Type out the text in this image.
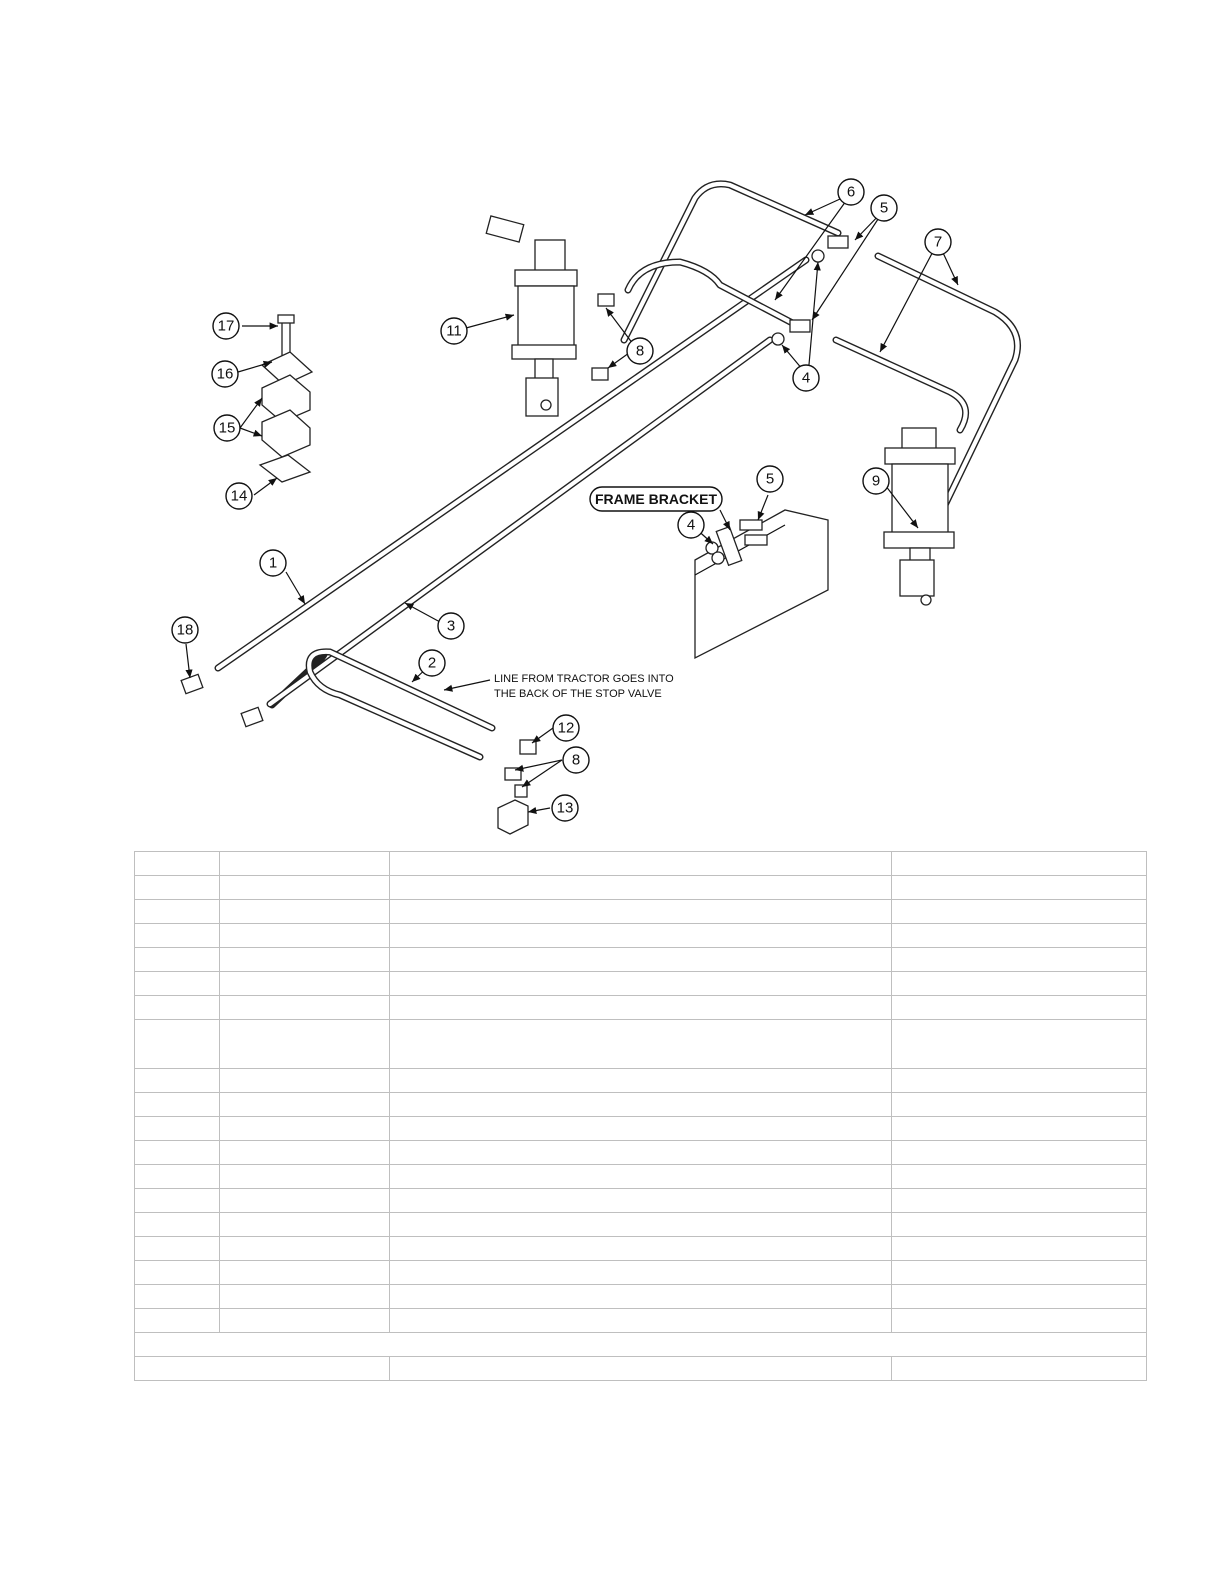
1
2
3
4
4
5
5
6
7
8
8
9
11
12
13
14
15
16
17
18
FRAME BRACKET
LINE FROM TRACTOR GOES INTO
THE BACK OF THE STOP VALVE
